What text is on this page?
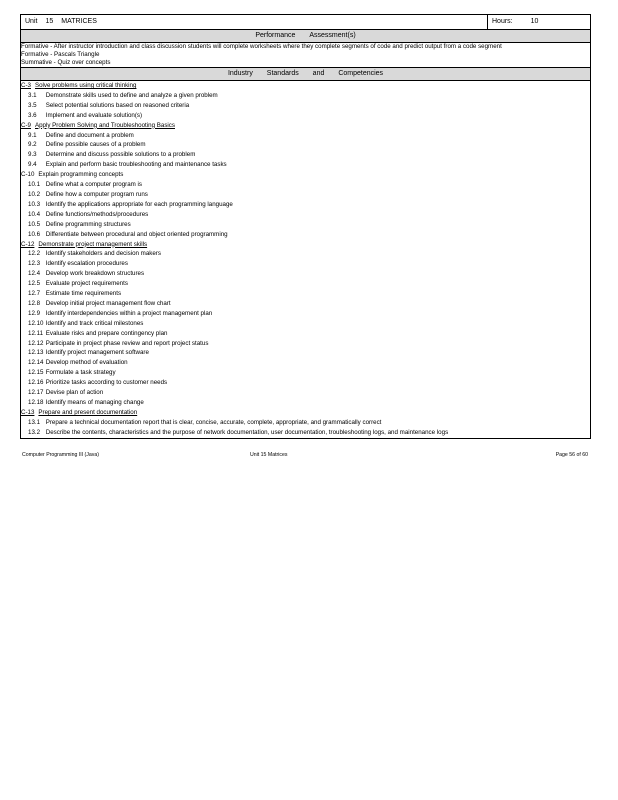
Unit 15 MATRICES	Hours:	10

Performance Assessment(s)

Formative - After instructor introduction and class discussion students will complete worksheets where they complete segments of code and predict output from a code segment
Formative - Pascals Triangle
Summative - Quiz over concepts

Industry Standards and Competencies

C-3 Solve problems using critical thinking
3.1 Demonstrate skills used to define and analyze a given problem
3.5 Select potential solutions based on reasoned criteria
3.6 Implement and evaluate solution(s)
C-9 Apply Problem Solving and Troubleshooting Basics
9.1 Define and document a problem
9.2 Define possible causes of a problem
9.3 Determine and discuss possible solutions to a problem
9.4 Explain and perform basic troubleshooting and maintenance tasks
C-10 Explain programming concepts
10.1 Define what a computer program is
10.2 Define how a computer program runs
10.3 Identify the applications appropriate for each programming language
10.4 Define functions/methods/procedures
10.5 Define programming structures
10.6 Differentiate between procedural and object oriented programming
C-12 Demonstrate project management skills
12.2 Identify stakeholders and decision makers
12.3 Identify escalation procedures
12.4 Develop work breakdown structures
12.5 Evaluate project requirements
12.7 Estimate time requirements
12.8 Develop initial project management flow chart
12.9 Identify interdependencies within a project management plan
12.10 Identify and track critical milestones
12.11 Evaluate risks and prepare contingency plan
12.12 Participate in project phase review and report project status
12.13 Identify project management software
12.14 Develop method of evaluation
12.15 Formulate a task strategy
12.16 Prioritize tasks according to customer needs
12.17 Devise plan of action
12.18 Identify means of managing change
C-13 Prepare and present documentation
13.1 Prepare a technical documentation report that is clear, concise, accurate, complete, appropriate, and grammatically correct
13.2 Describe the contents, characteristics and the purpose of network documentation, user documentation, troubleshooting logs, and maintenance logs
Computer Programming III (Java)	Unit 15 Matrices	Page 56 of 60
